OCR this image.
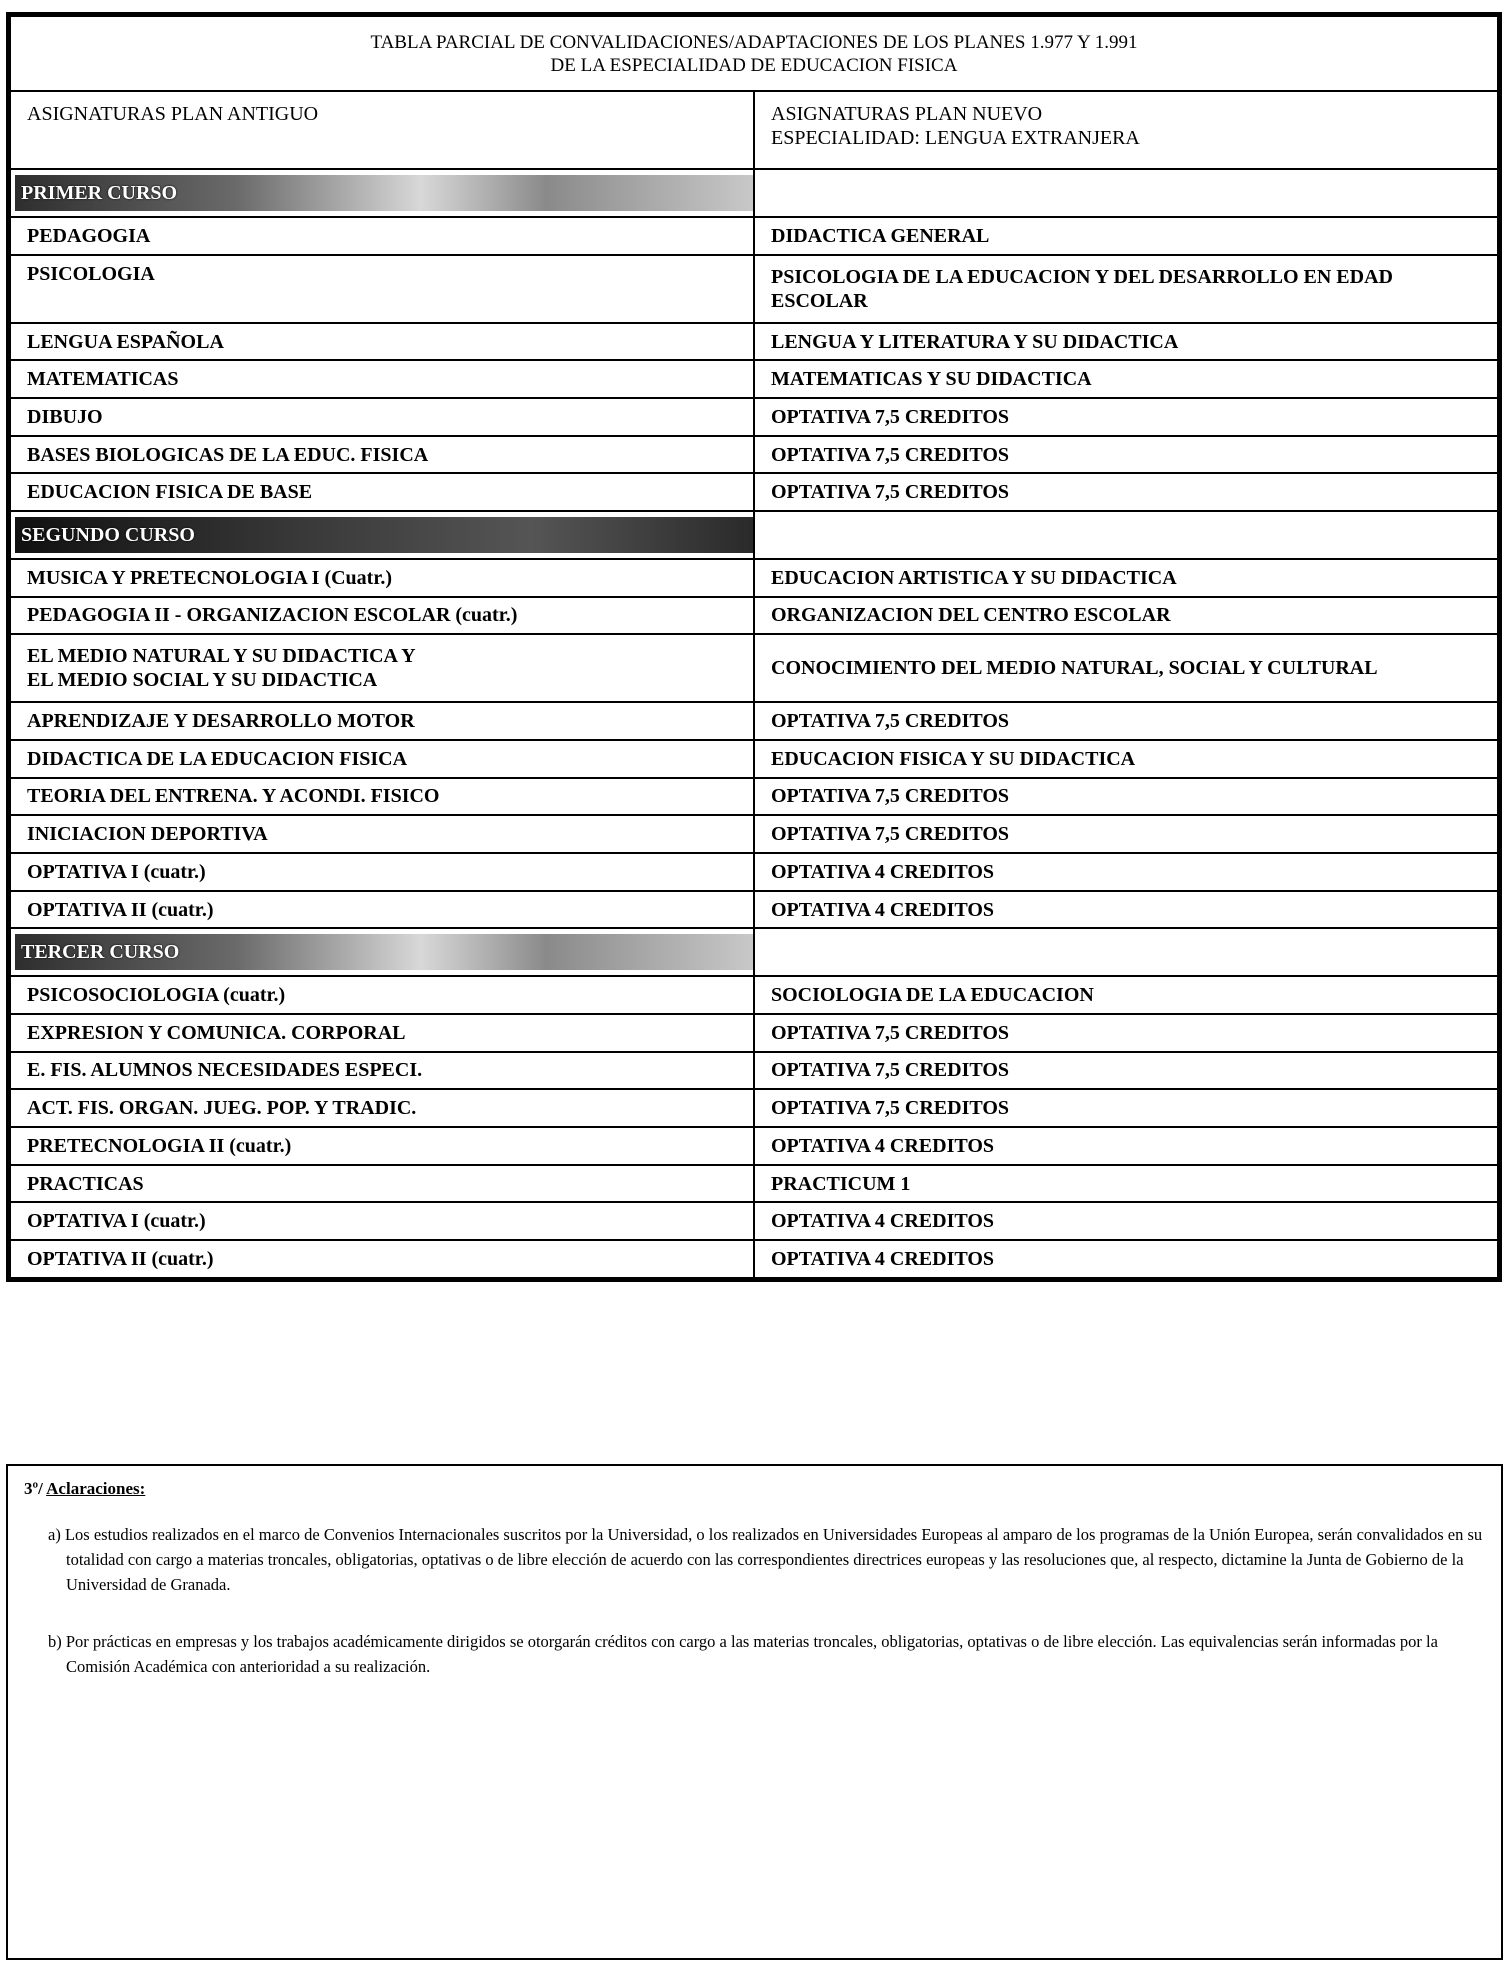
TABLA PARCIAL DE CONVALIDACIONES/ADAPTACIONES DE LOS PLANES 1.977 Y 1.991
DE LA ESPECIALIDAD DE EDUCACION FISICA	
ASIGNATURAS PLAN ANTIGUO	ASIGNATURAS PLAN NUEVO
ESPECIALIDAD: LENGUA EXTRANJERA

PRIMER CURSO	

PEDAGOGIA	DIDACTICA GENERAL
PSICOLOGIA	PSICOLOGIA DE LA EDUCACION Y DEL DESARROLLO EN EDAD ESCOLAR
LENGUA ESPAÑOLA	LENGUA Y LITERATURA Y SU DIDACTICA
MATEMATICAS	MATEMATICAS Y SU DIDACTICA
DIBUJO	OPTATIVA 7,5 CREDITOS
BASES BIOLOGICAS DE LA EDUC. FISICA	OPTATIVA 7,5 CREDITOS
EDUCACION FISICA DE BASE	OPTATIVA 7,5 CREDITOS

SEGUNDO CURSO	

MUSICA Y PRETECNOLOGIA I (Cuatr.)	EDUCACION ARTISTICA Y SU DIDACTICA
PEDAGOGIA II - ORGANIZACION ESCOLAR (cuatr.)	ORGANIZACION DEL CENTRO ESCOLAR
EL MEDIO NATURAL Y SU DIDACTICA Y
EL MEDIO SOCIAL Y SU DIDACTICA	CONOCIMIENTO DEL MEDIO NATURAL, SOCIAL Y CULTURAL
APRENDIZAJE Y DESARROLLO MOTOR	OPTATIVA 7,5 CREDITOS
DIDACTICA DE LA EDUCACION FISICA	EDUCACION FISICA Y SU DIDACTICA
TEORIA DEL ENTRENA. Y ACONDI. FISICO	OPTATIVA 7,5 CREDITOS
INICIACION DEPORTIVA	OPTATIVA 7,5 CREDITOS
OPTATIVA I (cuatr.)	OPTATIVA 4 CREDITOS
OPTATIVA II (cuatr.)	OPTATIVA 4 CREDITOS

TERCER CURSO	

PSICOSOCIOLOGIA (cuatr.)	SOCIOLOGIA DE LA EDUCACION
EXPRESION Y COMUNICA. CORPORAL	OPTATIVA 7,5 CREDITOS
E. FIS. ALUMNOS NECESIDADES ESPECI.	OPTATIVA 7,5 CREDITOS
ACT. FIS. ORGAN. JUEG. POP. Y TRADIC.	OPTATIVA 7,5 CREDITOS
PRETECNOLOGIA II (cuatr.)	OPTATIVA 4 CREDITOS
PRACTICAS	PRACTICUM 1
OPTATIVA I (cuatr.)	OPTATIVA 4 CREDITOS
OPTATIVA II (cuatr.)	OPTATIVA 4 CREDITOS
3º/ Aclaraciones:
a) Los estudios realizados en el marco de Convenios Internacionales suscritos por la Universidad, o los realizados en Universidades Europeas al amparo de los programas de la Unión Europea, serán convalidados en su totalidad con cargo a materias troncales, obligatorias, optativas o de libre elección de acuerdo con las correspondientes directrices europeas y las resoluciones que, al respecto, dictamine la Junta de Gobierno de la Universidad de Granada.
b) Por prácticas en empresas y los trabajos académicamente dirigidos se otorgarán créditos con cargo a las materias troncales, obligatorias, optativas o de libre elección. Las equivalencias serán informadas por la Comisión Académica con anterioridad a su realización.
